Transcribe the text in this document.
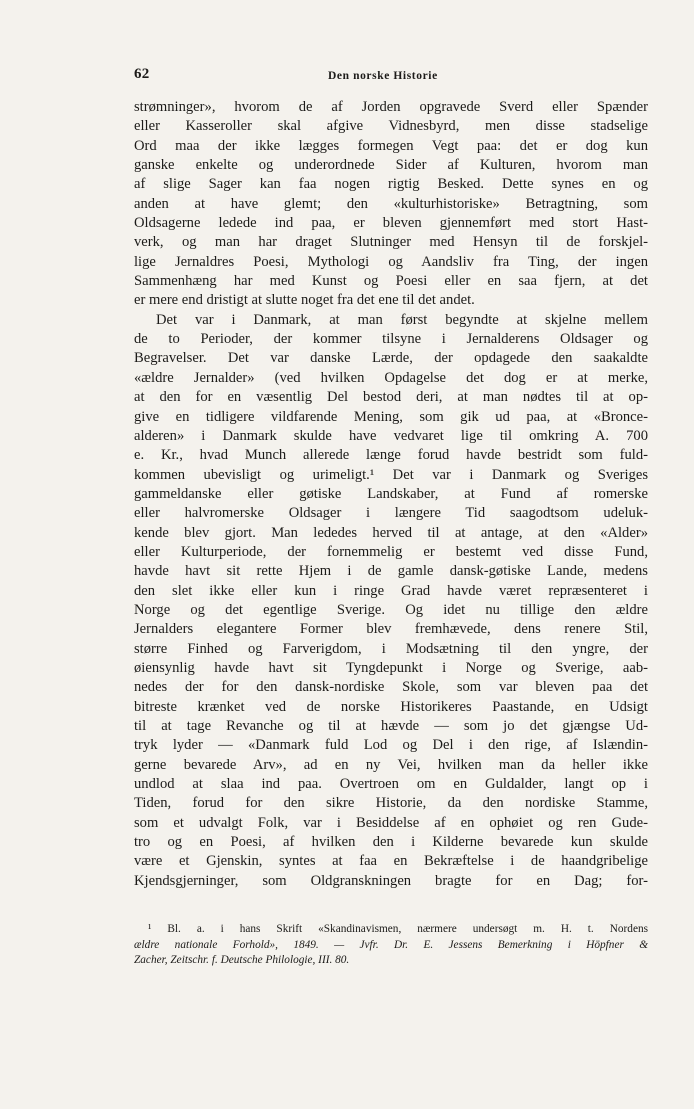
62	Den norske Historie
strømninger», hvorom de af Jorden opgravede Sverd eller Spænder
eller Kasseroller skal afgive Vidnesbyrd, men disse stadselige
Ord maa der ikke lægges formegen Vegt paa: det er dog kun
ganske enkelte og underordnede Sider af Kulturen, hvorom man
af slige Sager kan faa nogen rigtig Besked. Dette synes en og
anden at have glemt; den «kulturhistoriske» Betragtning, som
Oldsagerne ledede ind paa, er bleven gjennemført med stort Hast-
verk, og man har draget Slutninger med Hensyn til de forskjel-
lige Jernaldres Poesi, Mythologi og Aandsliv fra Ting, der ingen
Sammenhæng har med Kunst og Poesi eller en saa fjern, at det
er mere end dristigt at slutte noget fra det ene til det andet.
Det var i Danmark, at man først begyndte at skjelne mellem
de to Perioder, der kommer tilsyne i Jernalderens Oldsager og
Begravelser. Det var danske Lærde, der opdagede den saakaldte
«ældre Jernalder» (ved hvilken Opdagelse det dog er at merke,
at den for en væsentlig Del bestod deri, at man nødtes til at op-
give en tidligere vildfarende Mening, som gik ud paa, at «Bronce-
alderen» i Danmark skulde have vedvaret lige til omkring A. 700
e. Kr., hvad Munch allerede længe forud havde bestridt som fuld-
kommen ubevisligt og urimeligt.¹ Det var i Danmark og Sveriges
gammeldanske eller gøtiske Landskaber, at Fund af romerske
eller halvromerske Oldsager i længere Tid saagodtsom udeluk-
kende blev gjort. Man lededes herved til at antage, at den «Alder»
eller Kulturperiode, der fornemmelig er bestemt ved disse Fund,
havde havt sit rette Hjem i de gamle dansk-gøtiske Lande, medens
den slet ikke eller kun i ringe Grad havde været repræsenteret i
Norge og det egentlige Sverige. Og idet nu tillige den ældre
Jernalders elegantere Former blev fremhævede, dens renere Stil,
større Finhed og Farverigdom, i Modsætning til den yngre, der
øiensynlig havde havt sit Tyngdepunkt i Norge og Sverige, aab-
nedes der for den dansk-nordiske Skole, som var bleven paa det
bitreste krænket ved de norske Historikeres Paastande, en Udsigt
til at tage Revanche og til at hævde — som jo det gjængse Ud-
tryk lyder — «Danmark fuld Lod og Del i den rige, af Islændin-
gerne bevarede Arv», ad en ny Vei, hvilken man da heller ikke
undlod at slaa ind paa. Overtroen om en Guldalder, langt op i
Tiden, forud for den sikre Historie, da den nordiske Stamme,
som et udvalgt Folk, var i Besiddelse af en ophøiet og ren Gude-
tro og en Poesi, af hvilken den i Kilderne bevarede kun skulde
være et Gjenskin, syntes at faa en Bekræftelse i de haandgribelige
Kjendsgjerninger, som Oldgranskningen bragte for en Dag; for-
¹ Bl. a. i hans Skrift «Skandinavismen, nærmere undersøgt m. H. t. Nordens
ældre nationale Forhold», 1849. — Jvfr. Dr. E. Jessens Bemerkning i Höpfner &
Zacher, Zeitschr. f. Deutsche Philologie, III. 80.
